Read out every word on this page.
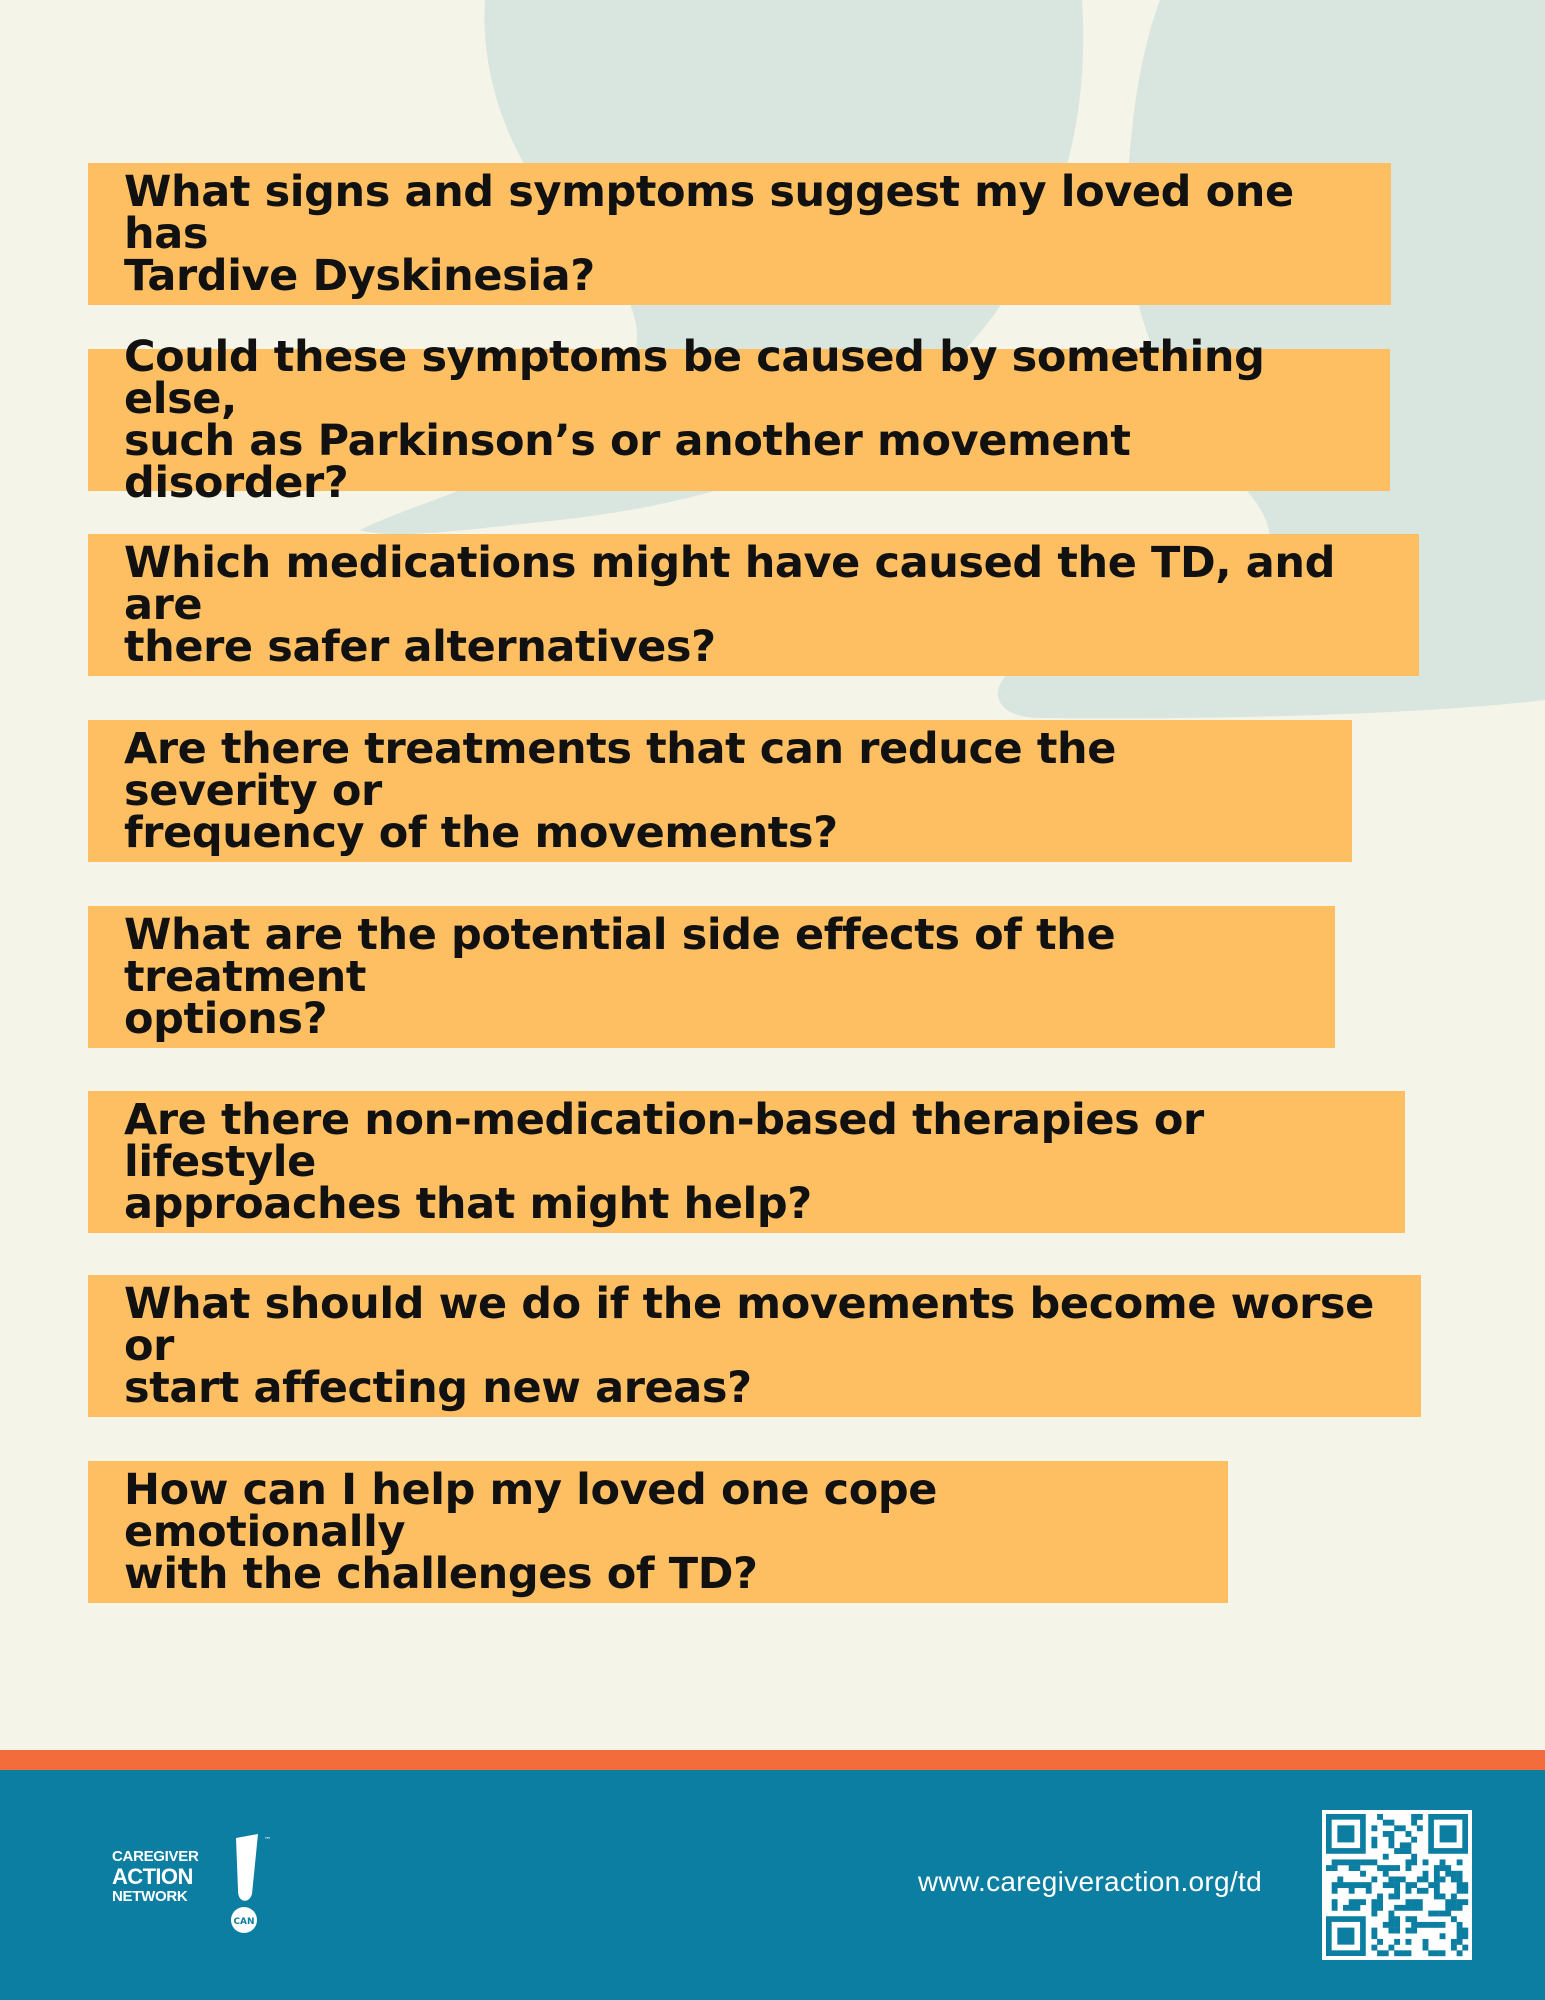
What signs and symptoms suggest my loved one has
Tardive Dyskinesia?
Could these symptoms be caused by something else,
such as Parkinson’s or another movement disorder?
Which medications might have caused the TD, and are
there safer alternatives?
Are there treatments that can reduce the severity or
frequency of the movements?
What are the potential side effects of the treatment
options?
Are there non-medication-based therapies or lifestyle
approaches that might help?
What should we do if the movements become worse or
start affecting new areas?
How can I help my loved one cope emotionally
with the challenges of TD?
CAREGIVER
ACTION
NETWORK
CAN
™
www.caregiveraction.org/td
